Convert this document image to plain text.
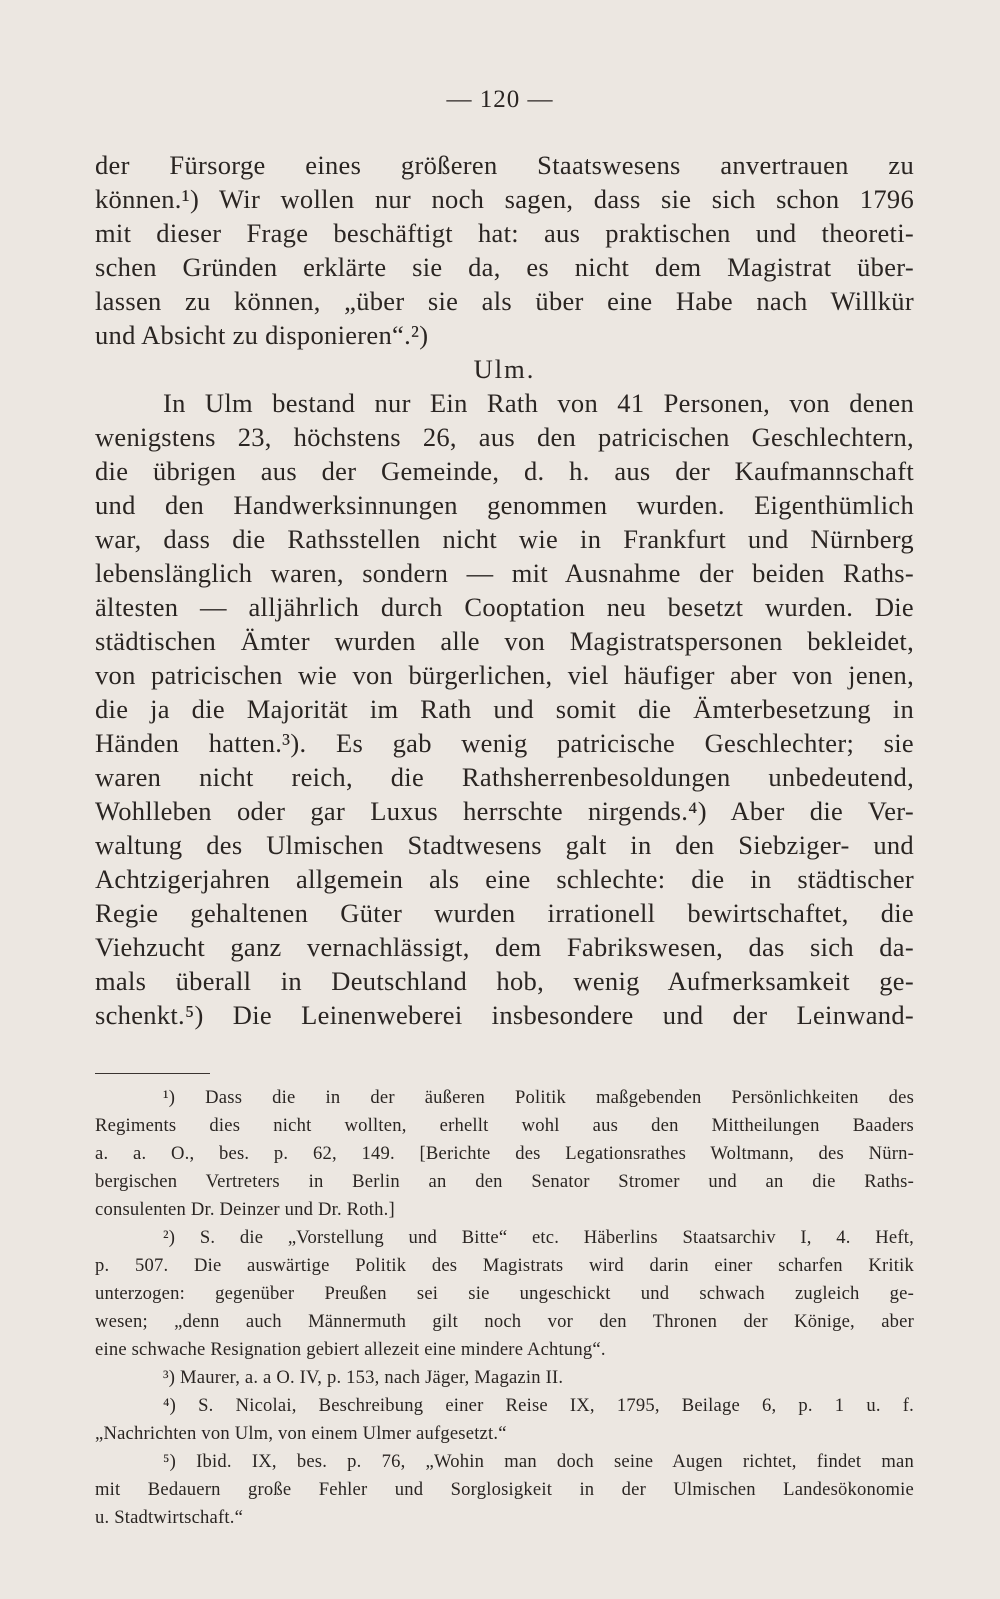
— 120 —
der Fürsorge eines größeren Staatswesens anvertrauen zu
können.¹) Wir wollen nur noch sagen, dass sie sich schon 1796
mit dieser Frage beschäftigt hat: aus praktischen und theoreti-
schen Gründen erklärte sie da, es nicht dem Magistrat über-
lassen zu können, „über sie als über eine Habe nach Willkür
und Absicht zu disponieren“.²)
Ulm.
In Ulm bestand nur Ein Rath von 41 Personen, von denen
wenigstens 23, höchstens 26, aus den patricischen Geschlechtern,
die übrigen aus der Gemeinde, d. h. aus der Kaufmannschaft
und den Handwerksinnungen genommen wurden. Eigenthümlich
war, dass die Rathsstellen nicht wie in Frankfurt und Nürnberg
lebenslänglich waren, sondern — mit Ausnahme der beiden Raths-
ältesten — alljährlich durch Cooptation neu besetzt wurden. Die
städtischen Ämter wurden alle von Magistratspersonen bekleidet,
von patricischen wie von bürgerlichen, viel häufiger aber von jenen,
die ja die Majorität im Rath und somit die Ämterbesetzung in
Händen hatten.³). Es gab wenig patricische Geschlechter; sie
waren nicht reich, die Rathsherrenbesoldungen unbedeutend,
Wohlleben oder gar Luxus herrschte nirgends.⁴) Aber die Ver-
waltung des Ulmischen Stadtwesens galt in den Siebziger- und
Achtzigerjahren allgemein als eine schlechte: die in städtischer
Regie gehaltenen Güter wurden irrationell bewirtschaftet, die
Viehzucht ganz vernachlässigt, dem Fabrikswesen, das sich da-
mals überall in Deutschland hob, wenig Aufmerksamkeit ge-
schenkt.⁵) Die Leinenweberei insbesondere und der Leinwand-
¹) Dass die in der äußeren Politik maßgebenden Persönlichkeiten des
Regiments dies nicht wollten, erhellt wohl aus den Mittheilungen Baaders
a. a. O., bes. p. 62, 149. [Berichte des Legationsrathes Woltmann, des Nürn-
bergischen Vertreters in Berlin an den Senator Stromer und an die Raths-
consulenten Dr. Deinzer und Dr. Roth.]
²) S. die „Vorstellung und Bitte“ etc. Häberlins Staatsarchiv I, 4. Heft,
p. 507. Die auswärtige Politik des Magistrats wird darin einer scharfen Kritik
unterzogen: gegenüber Preußen sei sie ungeschickt und schwach zugleich ge-
wesen; „denn auch Männermuth gilt noch vor den Thronen der Könige, aber
eine schwache Resignation gebiert allezeit eine mindere Achtung“.
³) Maurer, a. a O. IV, p. 153, nach Jäger, Magazin II.
⁴) S. Nicolai, Beschreibung einer Reise IX, 1795, Beilage 6, p. 1 u. f.
„Nachrichten von Ulm, von einem Ulmer aufgesetzt.“
⁵) Ibid. IX, bes. p. 76, „Wohin man doch seine Augen richtet, findet man
mit Bedauern große Fehler und Sorglosigkeit in der Ulmischen Landesökonomie
u. Stadtwirtschaft.“
